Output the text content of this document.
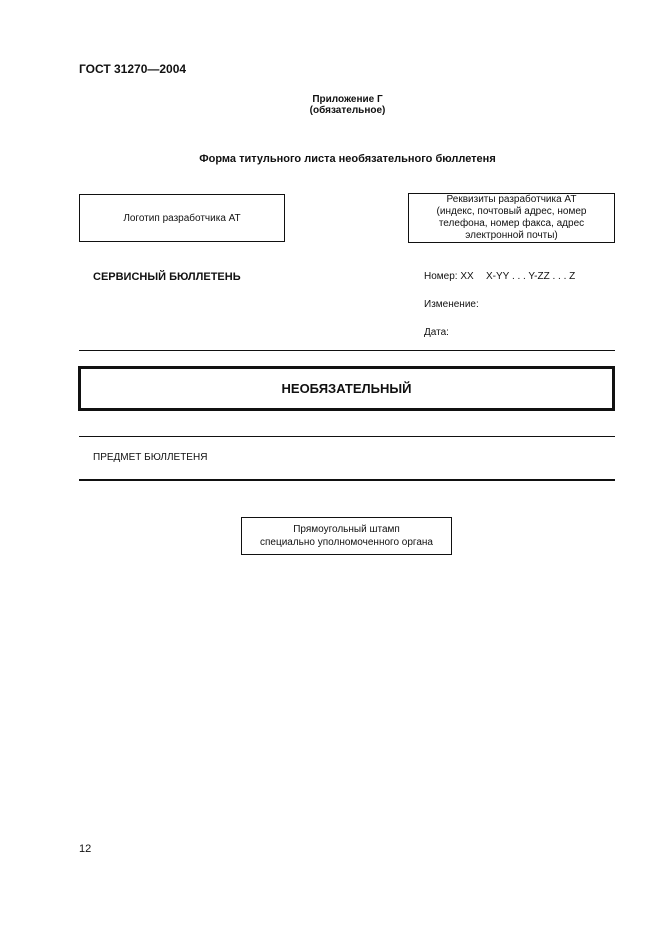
ГОСТ 31270—2004
Приложение Г
(обязательное)
Форма титульного листа необязательного бюллетеня
Логотип разработчика АТ
Реквизиты разработчика АТ
(индекс, почтовый адрес, номер
телефона, номер факса, адрес
электронной почты)
СЕРВИСНЫЙ БЮЛЛЕТЕНЬ	Номер: XX X-YY . . . Y-ZZ . . . Z
Изменение:
Дата:
НЕОБЯЗАТЕЛЬНЫЙ
ПРЕДМЕТ БЮЛЛЕТЕНЯ
Прямоугольный штамп
специально уполномоченного органа
12
